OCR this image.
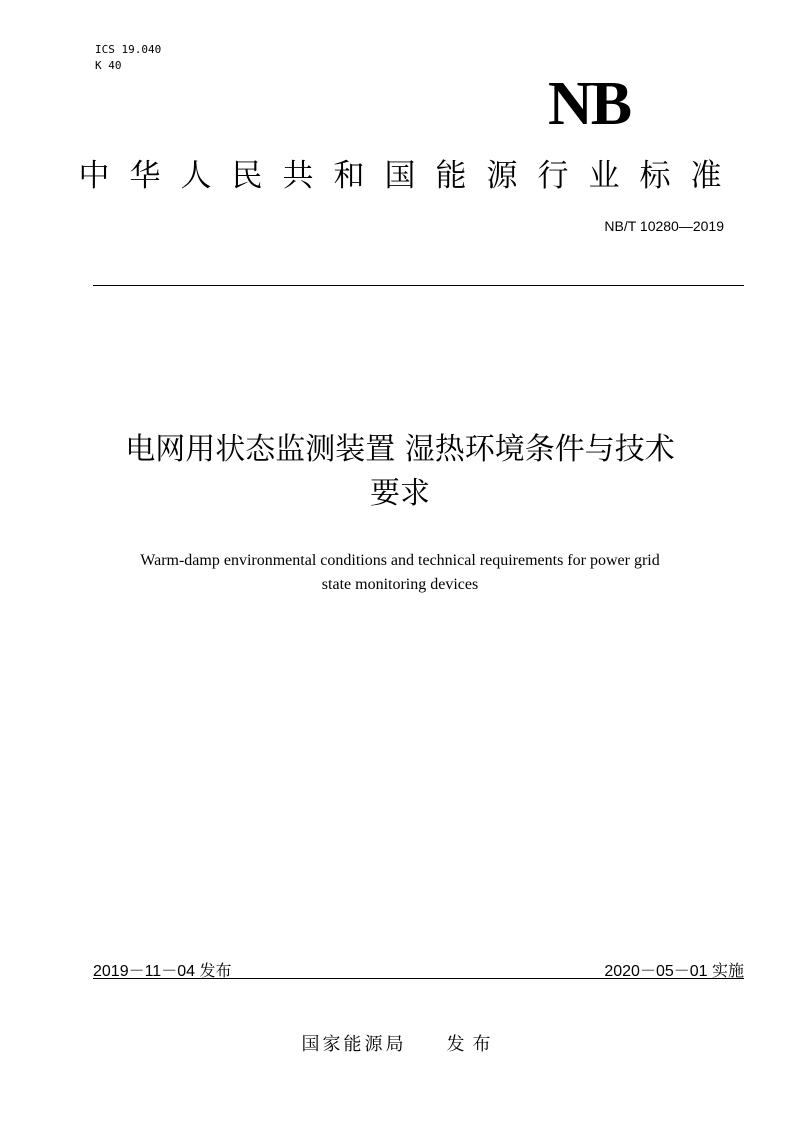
ICS 19.040
K 40
NB
中华人民共和国能源行业标准
NB/T 10280—2019
电网用状态监测装置 湿热环境条件与技术
要求
Warm-damp environmental conditions and technical requirements for power grid
state monitoring devices
2019－11－04 发布	2020－05－01 实施
国家能源局 发布
